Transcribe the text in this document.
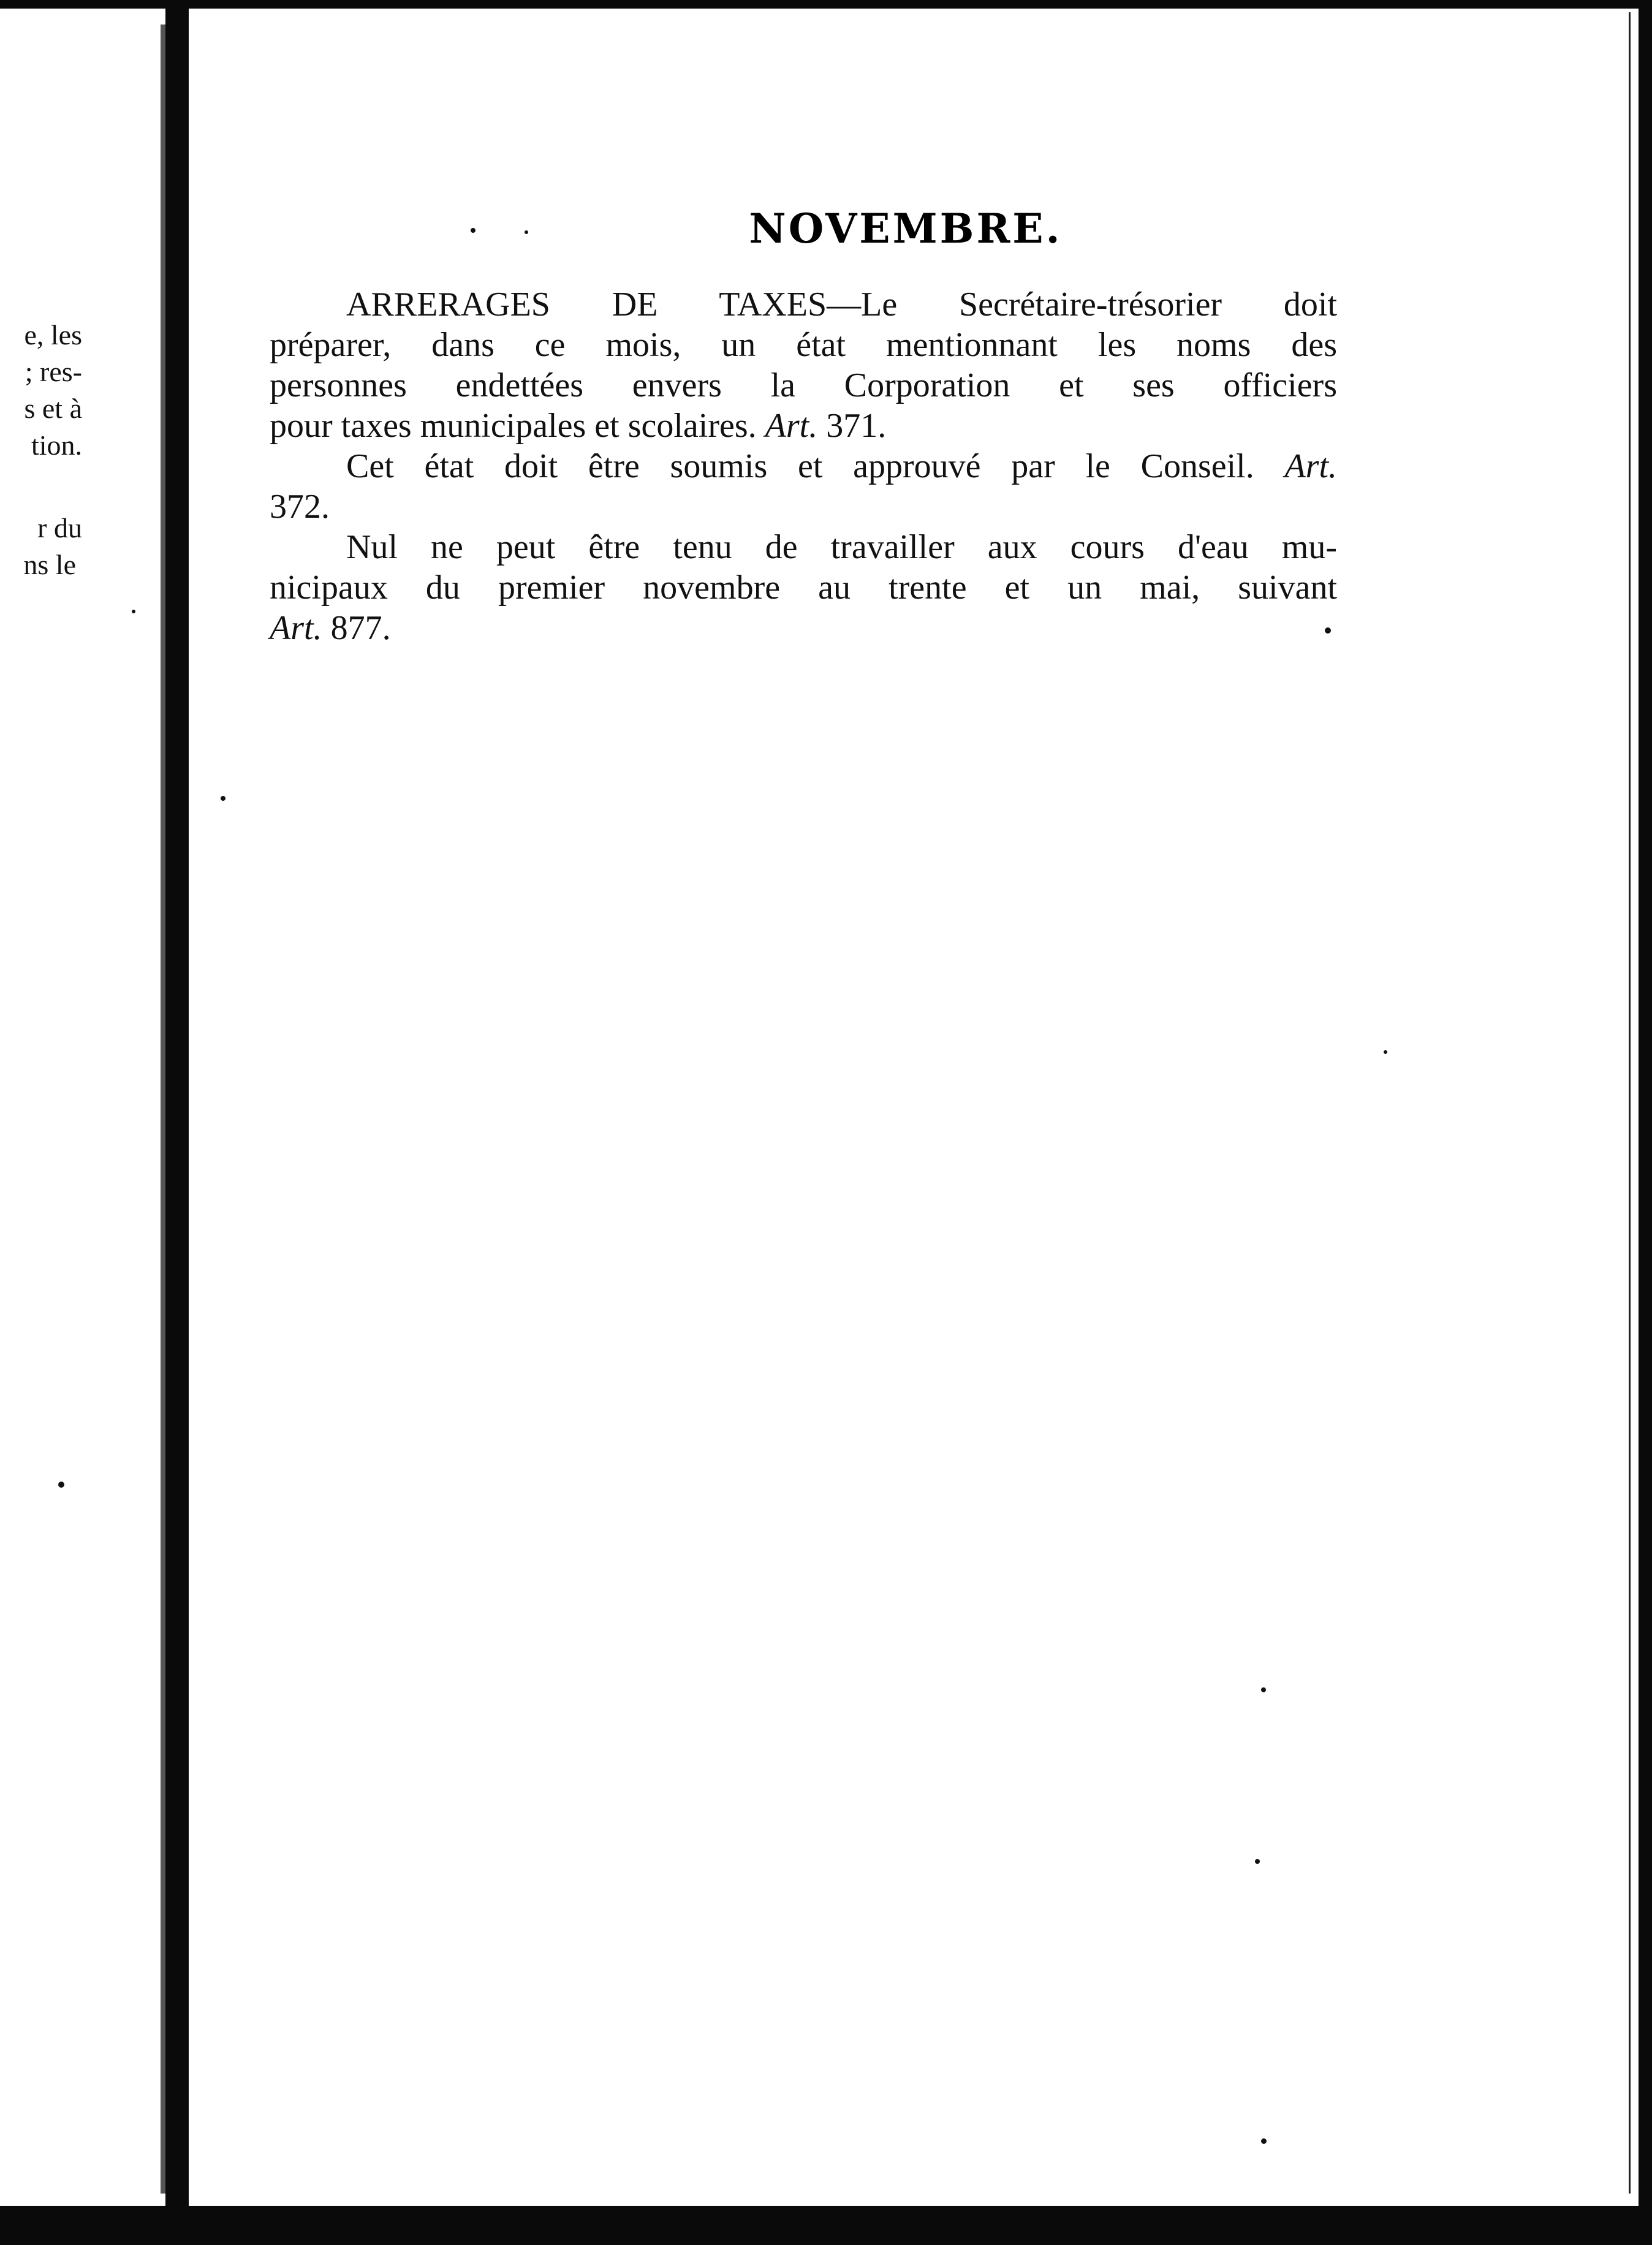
e, les
; res-
s et à
tion.
r du
ns le
NOVEMBRE.
ARRERAGES DE TAXES—Le Secrétaire-trésorier doit
préparer, dans ce mois, un état mentionnant les noms des
personnes endettées envers la Corporation et ses officiers
pour taxes municipales et scolaires. Art. 371.
Cet état doit être soumis et approuvé par le Conseil. Art.
372.
Nul ne peut être tenu de travailler aux cours d'eau mu-
nicipaux du premier novembre au trente et un mai, suivant
Art. 877.
